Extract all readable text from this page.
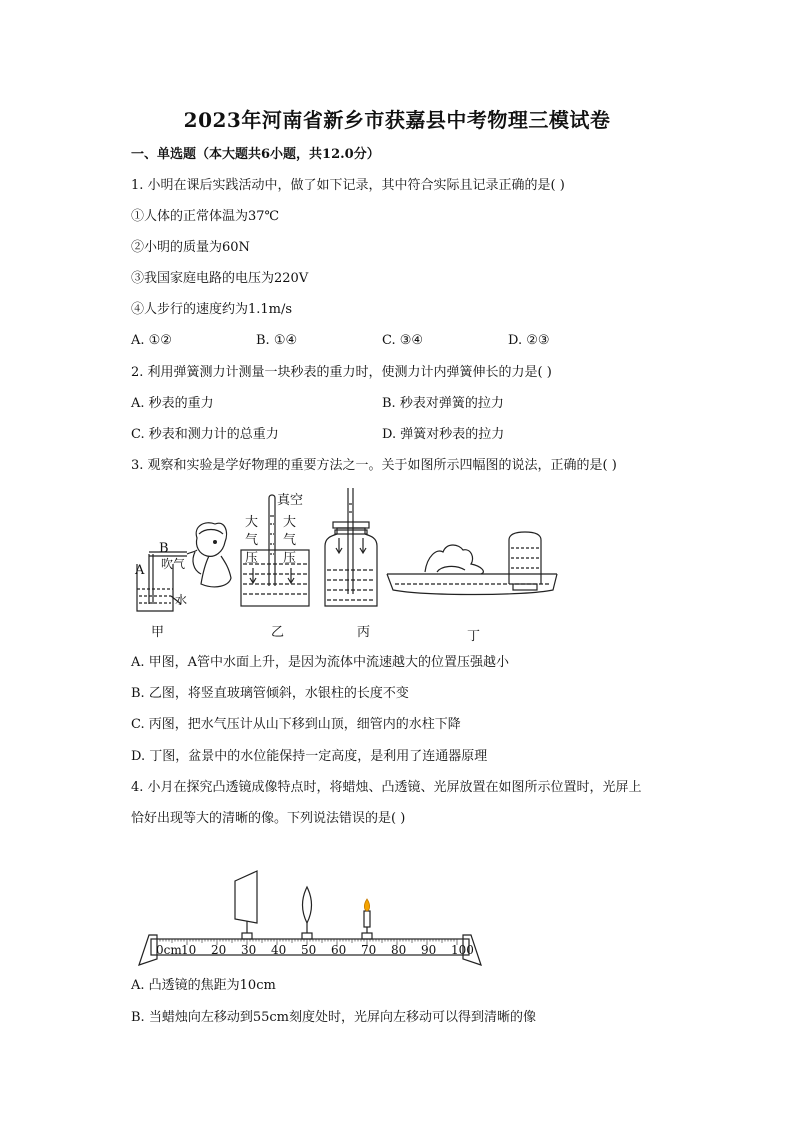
2023年河南省新乡市获嘉县中考物理三模试卷
一、单选题（本大题共6小题，共12.0分）
1. 小明在课后实践活动中，做了如下记录，其中符合实际且记录正确的是( )
①人体的正常体温为37℃
②小明的质量为60N
③我国家庭电路的电压为220V
④人步行的速度约为1.1m/s
A. ①②	B. ①④	C. ③④	D. ②③
2. 利用弹簧测力计测量一块秒表的重力时，使测力计内弹簧伸长的力是( )
A. 秒表的重力	B. 秒表对弹簧的拉力
C. 秒表和测力计的总重力	D. 弹簧对秒表的拉力
3. 观察和实验是学好物理的重要方法之一。关于如图所示四幅图的说法，正确的是( )
A
B
吹气
水
真空
大
气
压
大
气
压
甲	乙	丙	丁
A. 甲图，A管中水面上升，是因为流体中流速越大的位置压强越小
B. 乙图，将竖直玻璃管倾斜，水银柱的长度不变
C. 丙图，把水气压计从山下移到山顶，细管内的水柱下降
D. 丁图，盆景中的水位能保持一定高度，是利用了连通器原理
4. 小月在探究凸透镜成像特点时，将蜡烛、凸透镜、光屏放置在如图所示位置时，光屏上
恰好出现等大的清晰的像。下列说法错误的是( )
0cm 10 20 30 40 50 60 70 80 90 100
A. 凸透镜的焦距为10cm
B. 当蜡烛向左移动到55cm刻度处时，光屏向左移动可以得到清晰的像
